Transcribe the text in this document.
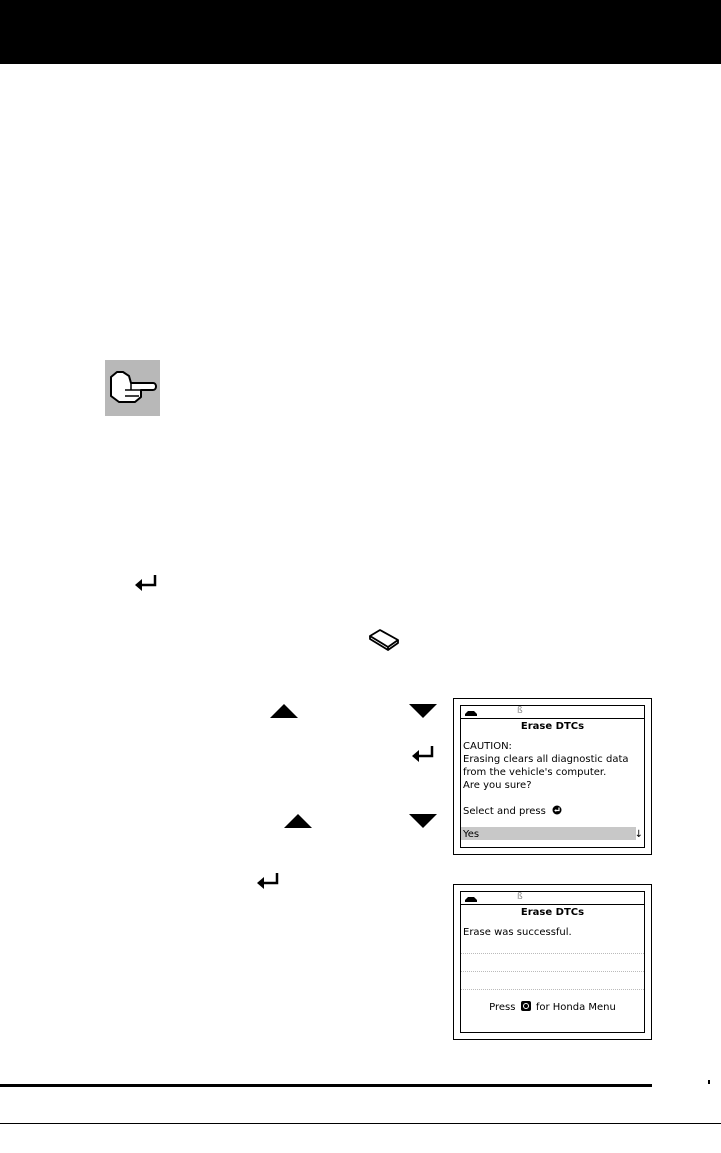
ß
Erase DTCs
CAUTION:
Erasing clears all diagnostic data
from the vehicle's computer.
Are you sure?
Select and press
Yes	↓
ß
Erase DTCs
Erase was successful.
Press for Honda Menu
